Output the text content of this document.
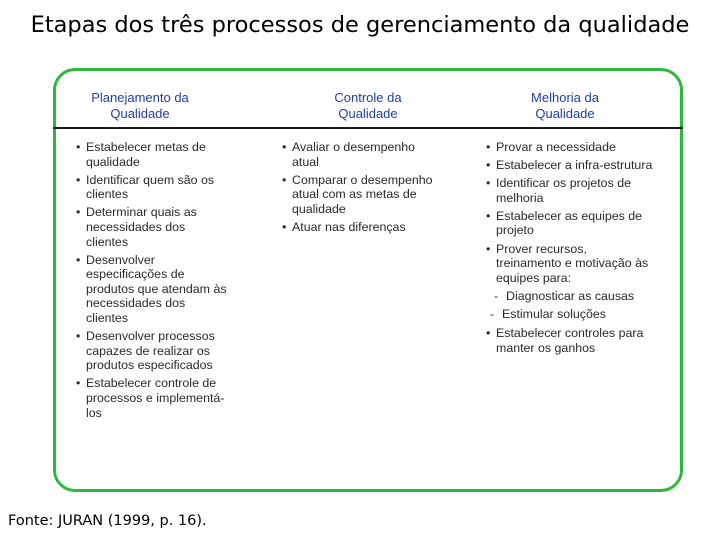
Etapas dos três processos de gerenciamento da qualidade
Planejamento da
Qualidade
Controle da
Qualidade
Melhoria da
Qualidade
• Estabelecer metas de
qualidade
• Identificar quem são os
clientes
• Determinar quais as
necessidades dos
clientes
• Desenvolver
especificações de
produtos que atendam às
necessidades dos
clientes
• Desenvolver processos
capazes de realizar os
produtos especificados
• Estabelecer controle de
processos e implementá-
los
• Avaliar o desempenho
atual
• Comparar o desempenho
atual com as metas de
qualidade
• Atuar nas diferenças
• Provar a necessidade
• Estabelecer a infra-estrutura
• Identificar os projetos de
melhoria
• Estabelecer as equipes de
projeto
• Prover recursos,
treinamento e motivação às
equipes para:
- Diagnosticar as causas
- Estimular soluções
• Estabelecer controles para
manter os ganhos
Fonte: JURAN (1999, p. 16).
